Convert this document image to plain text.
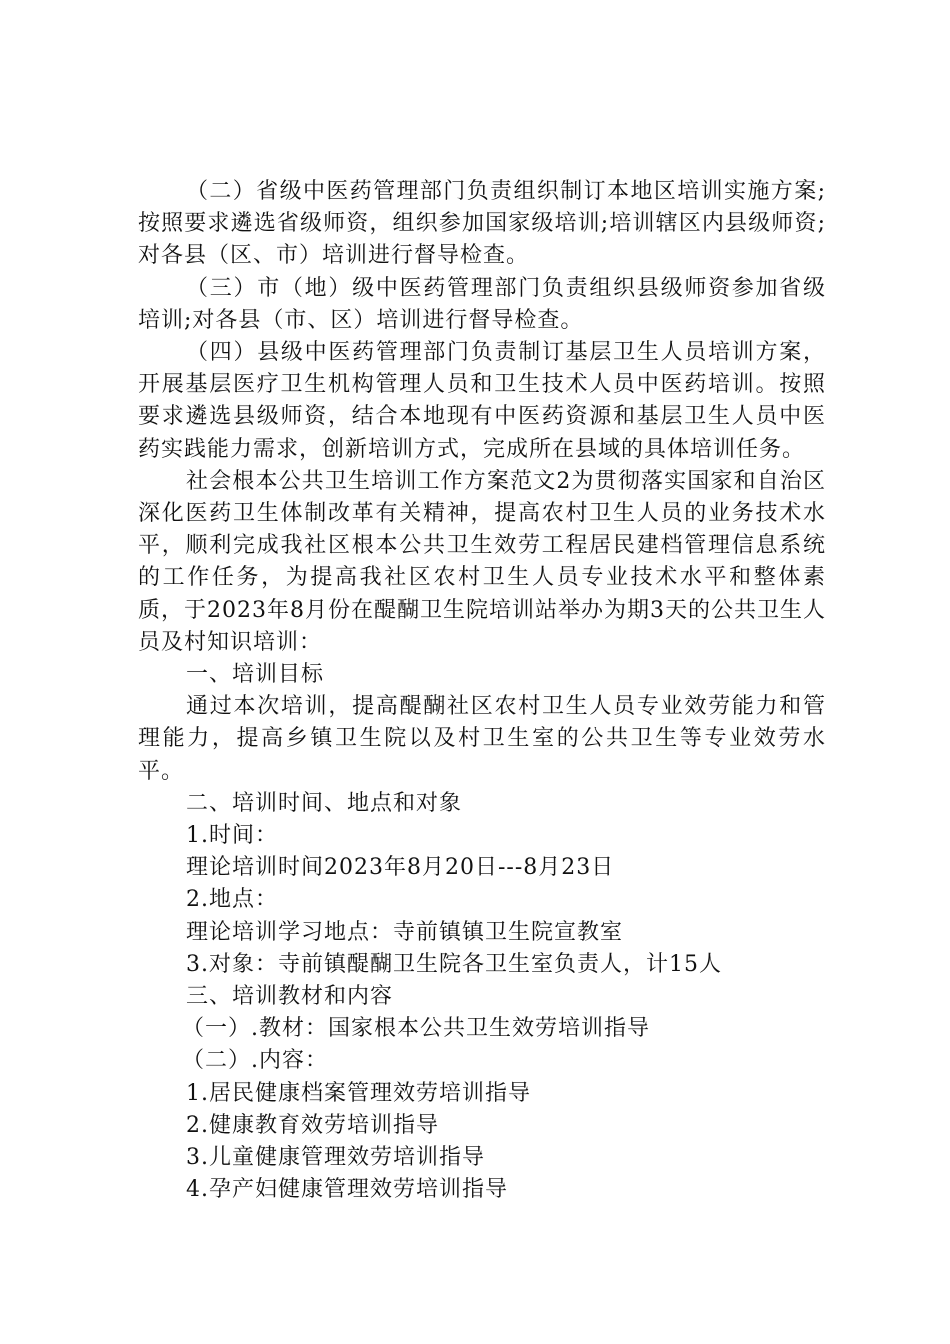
（二）省级中医药管理部门负责组织制订本地区培训实施方案;按照要求遴选省级师资，组织参加国家级培训;培训辖区内县级师资;对各县（区、市）培训进行督导检查。

（三）市（地）级中医药管理部门负责组织县级师资参加省级培训;对各县（市、区）培训进行督导检查。

（四）县级中医药管理部门负责制订基层卫生人员培训方案，开展基层医疗卫生机构管理人员和卫生技术人员中医药培训。按照要求遴选县级师资，结合本地现有中医药资源和基层卫生人员中医药实践能力需求，创新培训方式，完成所在县域的具体培训任务。

社会根本公共卫生培训工作方案范文2为贯彻落实国家和自治区深化医药卫生体制改革有关精神，提高农村卫生人员的业务技术水平，顺利完成我社区根本公共卫生效劳工程居民建档管理信息系统的工作任务，为提高我社区农村卫生人员专业技术水平和整体素质，于2023年8月份在醍醐卫生院培训站举办为期3天的公共卫生人员及村知识培训：

一、培训目标

通过本次培训，提高醍醐社区农村卫生人员专业效劳能力和管理能力，提高乡镇卫生院以及村卫生室的公共卫生等专业效劳水平。

二、培训时间、地点和对象

1.时间：

理论培训时间2023年8月20日---8月23日

2.地点：

理论培训学习地点：寺前镇镇卫生院宣教室

3.对象：寺前镇醍醐卫生院各卫生室负责人，计15人

三、培训教材和内容

（一）.教材：国家根本公共卫生效劳培训指导

（二）.内容：

1.居民健康档案管理效劳培训指导

2.健康教育效劳培训指导

3.儿童健康管理效劳培训指导

4.孕产妇健康管理效劳培训指导
